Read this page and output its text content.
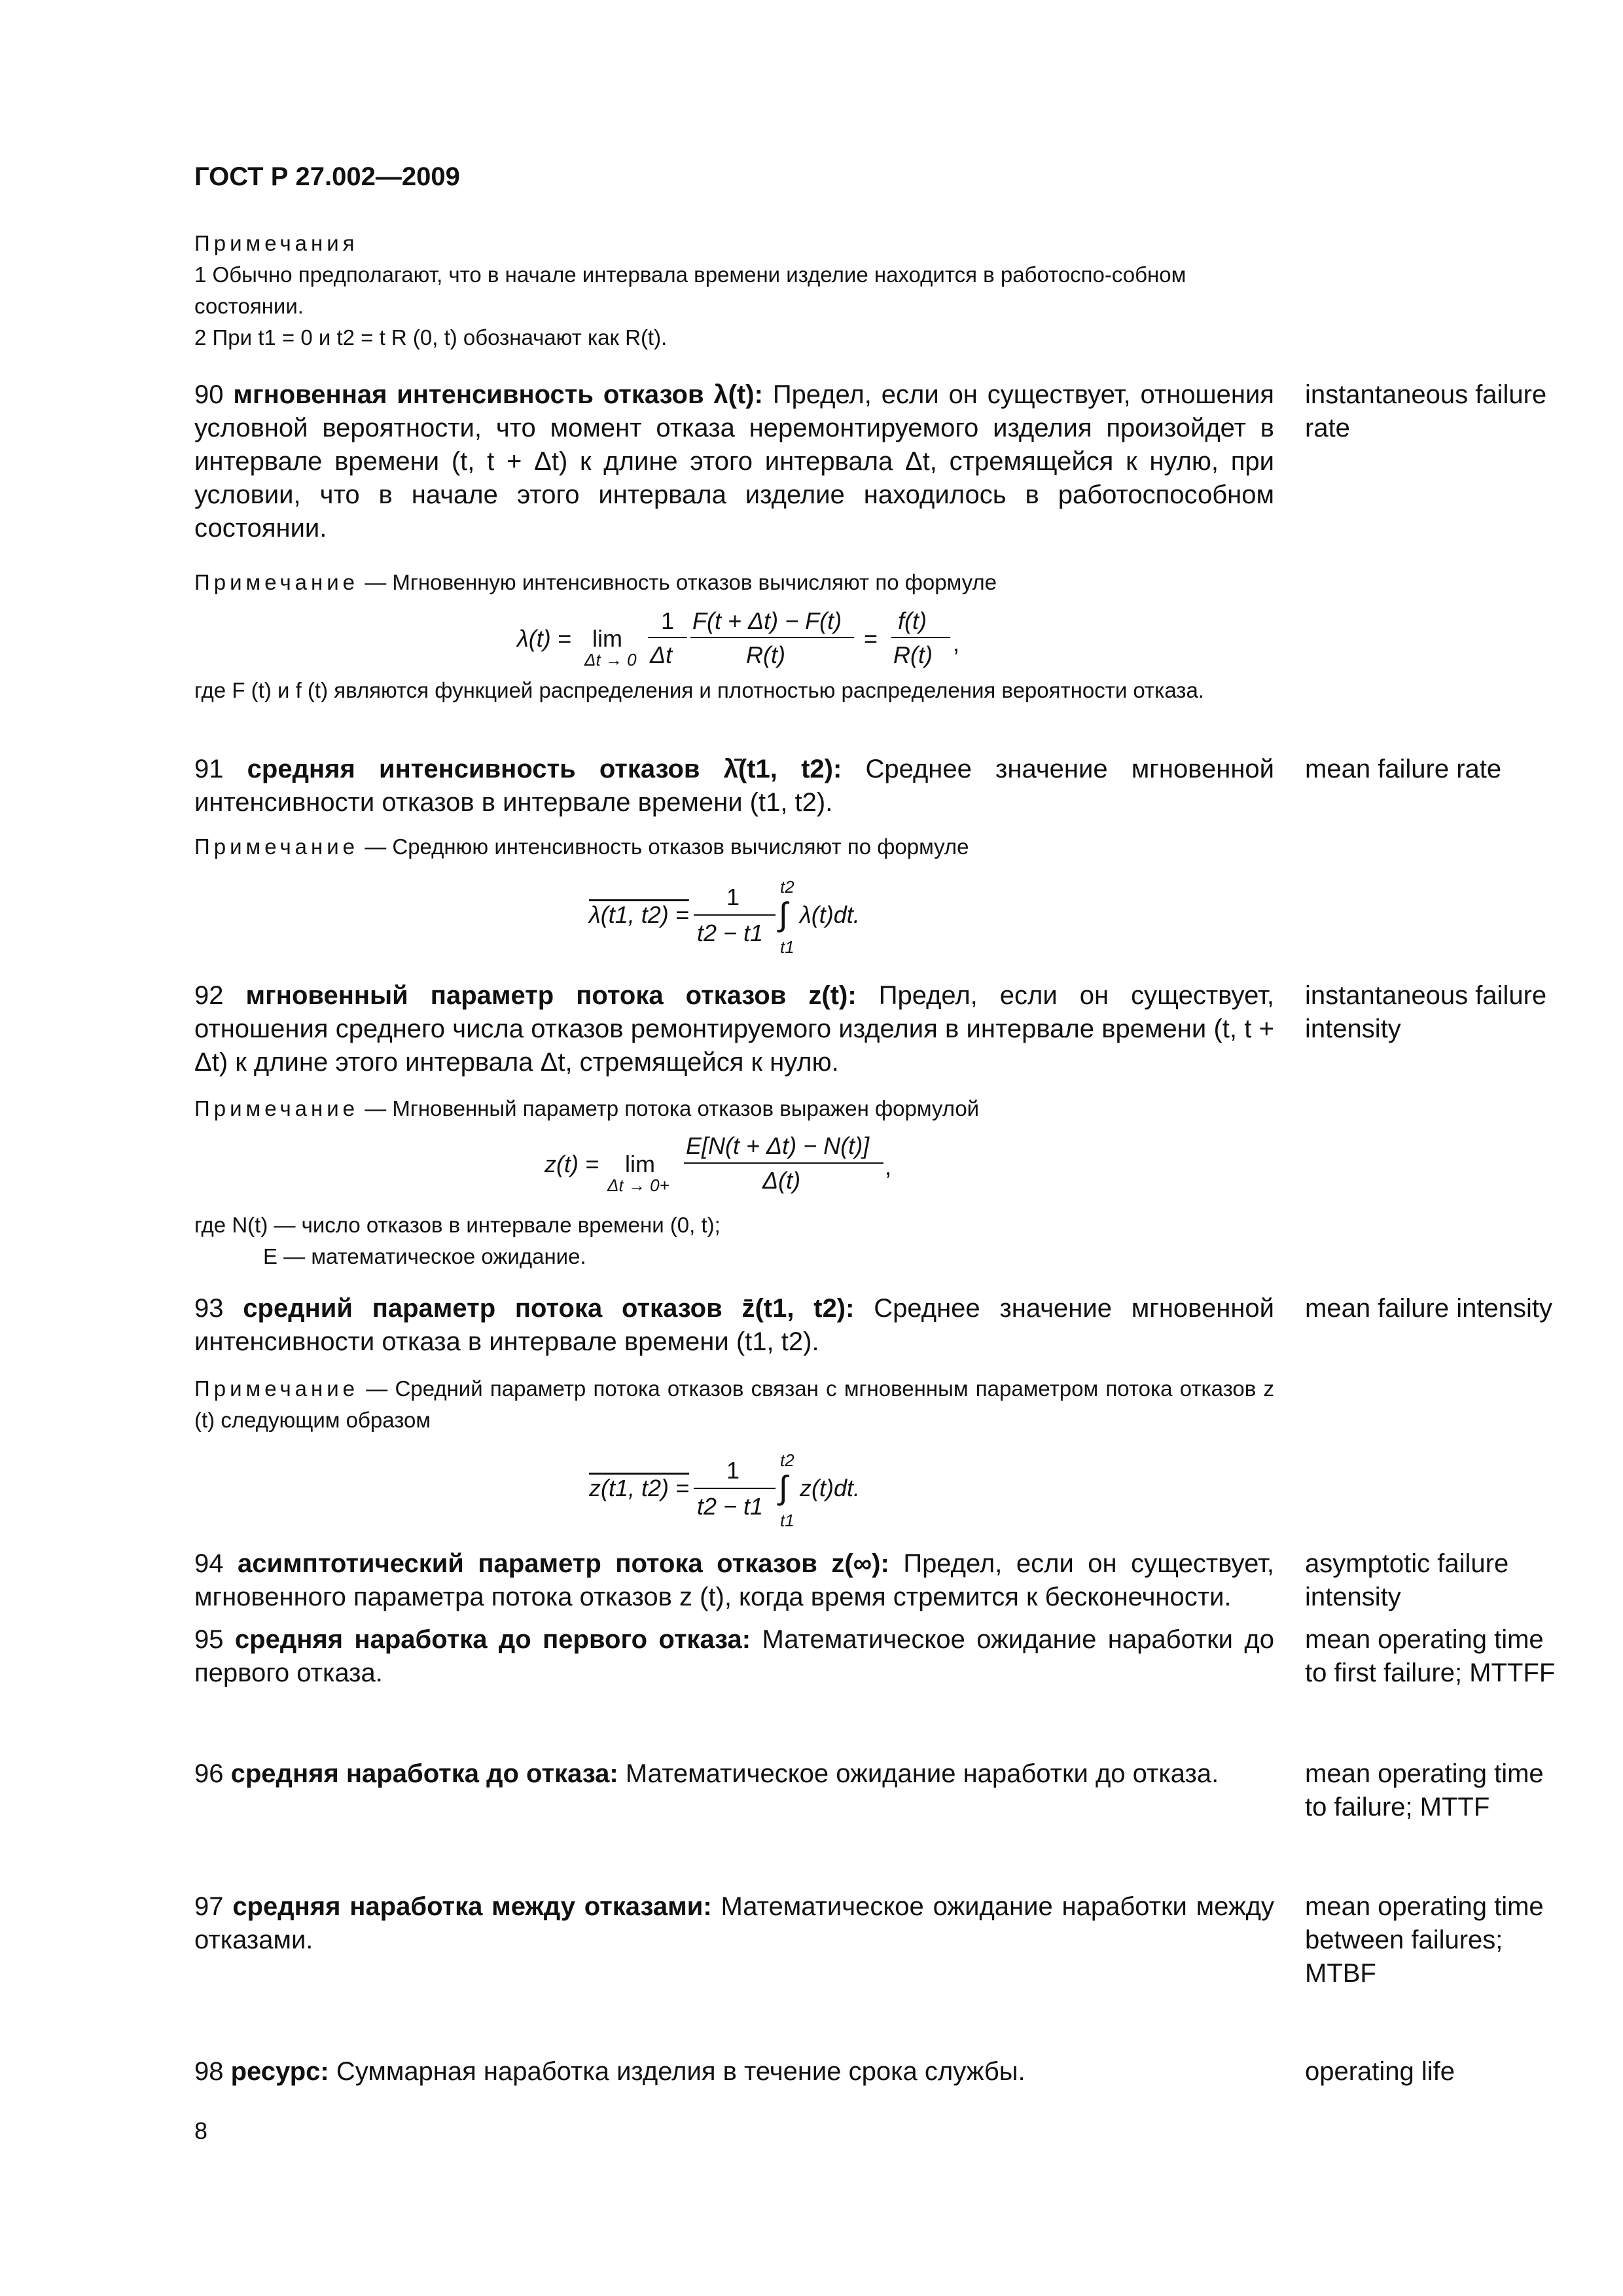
ГОСТ Р 27.002—2009
Примечания
1 Обычно предполагают, что в начале интервала времени изделие находится в работоспо-собном состоянии.
2 При t1 = 0 и t2 = t R (0, t) обозначают как R(t).
90 мгновенная интенсивность отказов λ(t): Предел, если он существует, отношения условной вероятности, что момент отказа неремонтируемого изделия произойдет в интервале времени (t, t + Δt) к длине этого интервала Δt, стремящейся к нулю, при условии, что в начале этого интервала изделие находилось в работоспособном состоянии.
instantaneous failure rate
Примечание — Мгновенную интенсивность отказов вычисляют по формуле
λ(t) = lim
Δt → 0
1
Δt
F(t + Δt) − F(t)
R(t)
=
f(t)
R(t) ,
где F (t) и f (t) являются функцией распределения и плотностью распределения вероятности отказа.
91 средняя интенсивность отказов λ̄(t1, t2): Среднее значение мгновенной интенсивности отказов в интервале времени (t1, t2).
mean failure rate
Примечание — Среднюю интенсивность отказов вычисляют по формуле
λ(t1, t2) =
1
t2 − t1
t2
∫
t1
λ(t)dt.
92 мгновенный параметр потока отказов z(t): Предел, если он существует, отношения среднего числа отказов ремонтируемого изделия в интервале времени (t, t + Δt) к длине этого интервала Δt, стремящейся к нулю.
instantaneous failure intensity
Примечание — Мгновенный параметр потока отказов выражен формулой
z(t) = lim
Δt → 0+
E[N(t + Δt) − N(t)]
Δ(t)
,
где N(t) — число отказов в интервале времени (0, t);
E — математическое ожидание.
93 средний параметр потока отказов z̄(t1, t2): Среднее значение мгновенной интенсивности отказа в интервале времени (t1, t2).
mean failure intensity
Примечание — Средний параметр потока отказов связан с мгновенным параметром потока отказов z (t) следующим образом
z(t1, t2) =
1
t2 − t1
t2
∫
t1
z(t)dt.
94 асимптотический параметр потока отказов z(∞): Предел, если он существует, мгновенного параметра потока отказов z (t), когда время стремится к бесконечности.
asymptotic failure intensity
95 средняя наработка до первого отказа: Математическое ожидание наработки до первого отказа.
mean operating time to first failure; MTTFF
96 средняя наработка до отказа: Математическое ожидание наработки до отказа.	mean operating time to failure; MTTF
97 средняя наработка между отказами: Математическое ожидание наработки между отказами.
mean operating time between failures; MTBF
98 ресурс: Суммарная наработка изделия в течение срока службы.	operating life
8
